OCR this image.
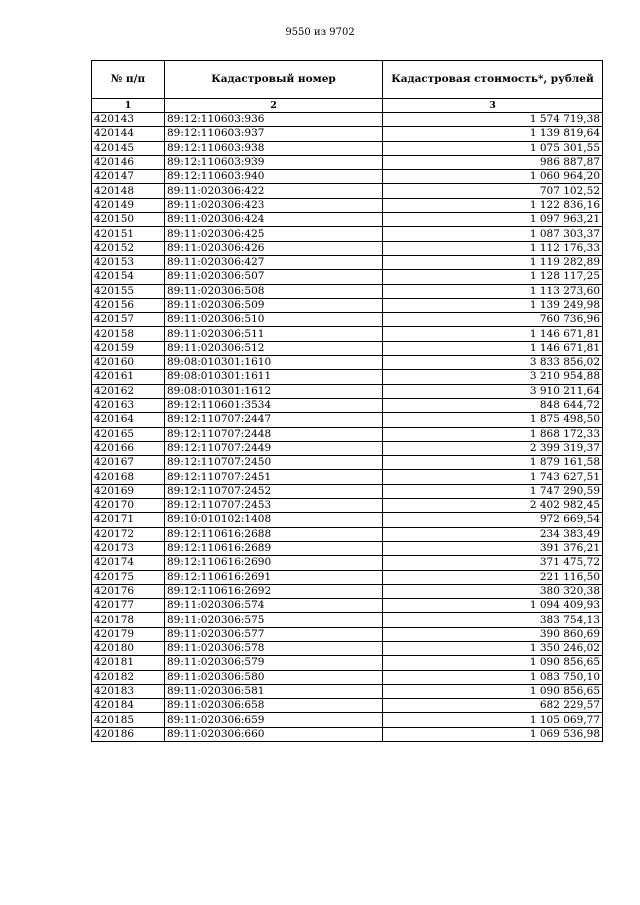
9550 из 9702
№ п/п	Кадастровый номер	Кадастровая стоимость*, рублей
1	2	3
420143	89:12:110603:936	1 574 719,38
420144	89:12:110603:937	1 139 819,64
420145	89:12:110603:938	1 075 301,55
420146	89:12:110603:939	986 887,87
420147	89:12:110603:940	1 060 964,20
420148	89:11:020306:422	707 102,52
420149	89:11:020306:423	1 122 836,16
420150	89:11:020306:424	1 097 963,21
420151	89:11:020306:425	1 087 303,37
420152	89:11:020306:426	1 112 176,33
420153	89:11:020306:427	1 119 282,89
420154	89:11:020306:507	1 128 117,25
420155	89:11:020306:508	1 113 273,60
420156	89:11:020306:509	1 139 249,98
420157	89:11:020306:510	760 736,96
420158	89:11:020306:511	1 146 671,81
420159	89:11:020306:512	1 146 671,81
420160	89:08:010301:1610	3 833 856,02
420161	89:08:010301:1611	3 210 954,88
420162	89:08:010301:1612	3 910 211,64
420163	89:12:110601:3534	848 644,72
420164	89:12:110707:2447	1 875 498,50
420165	89:12:110707:2448	1 868 172,33
420166	89:12:110707:2449	2 399 319,37
420167	89:12:110707:2450	1 879 161,58
420168	89:12:110707:2451	1 743 627,51
420169	89:12:110707:2452	1 747 290,59
420170	89:12:110707:2453	2 402 982,45
420171	89:10:010102:1408	972 669,54
420172	89:12:110616:2688	234 383,49
420173	89:12:110616:2689	391 376,21
420174	89:12:110616:2690	371 475,72
420175	89:12:110616:2691	221 116,50
420176	89:12:110616:2692	380 320,38
420177	89:11:020306:574	1 094 409,93
420178	89:11:020306:575	383 754,13
420179	89:11:020306:577	390 860,69
420180	89:11:020306:578	1 350 246,02
420181	89:11:020306:579	1 090 856,65
420182	89:11:020306:580	1 083 750,10
420183	89:11:020306:581	1 090 856,65
420184	89:11:020306:658	682 229,57
420185	89:11:020306:659	1 105 069,77
420186	89:11:020306:660	1 069 536,98
